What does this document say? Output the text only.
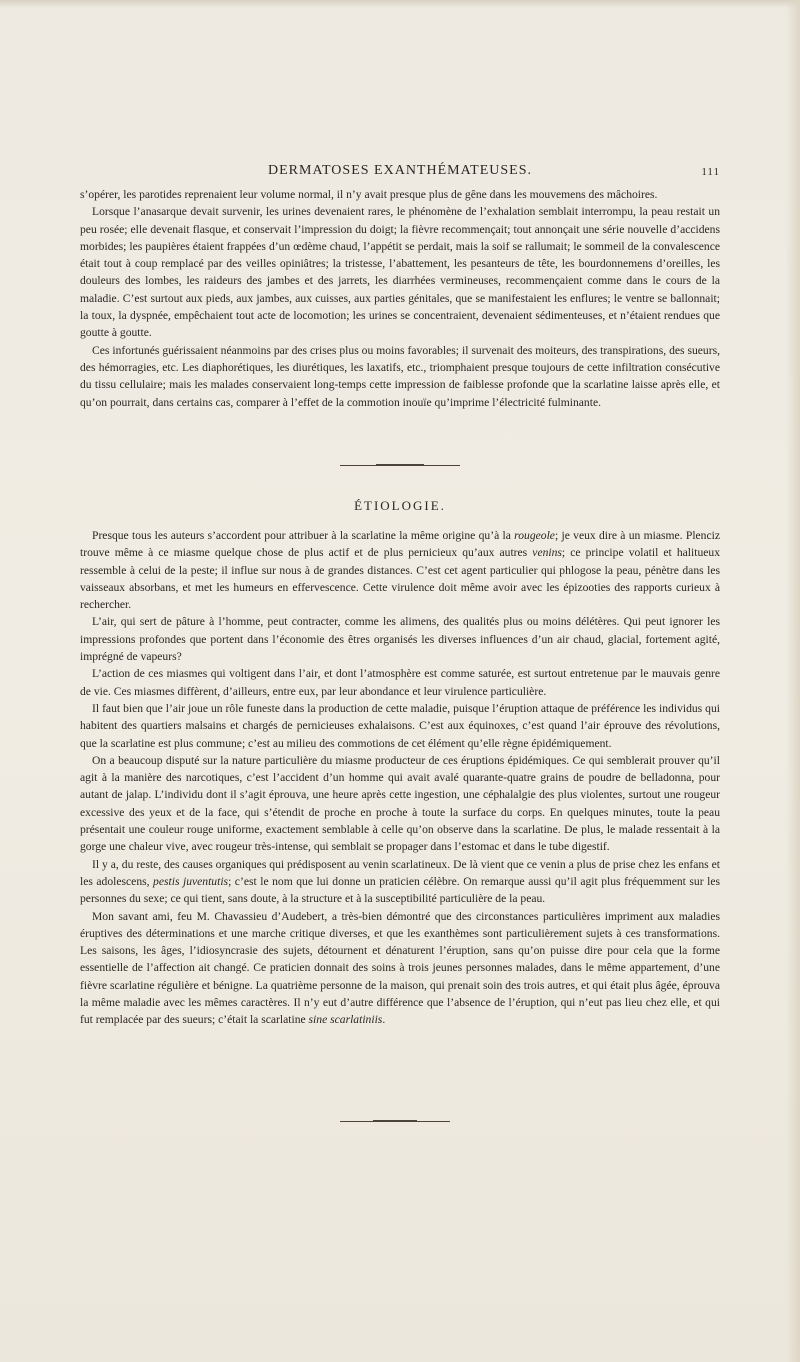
DERMATOSES EXANTHÉMATEUSES.	111

s’opérer, les parotides reprenaient leur volume normal, il n’y avait presque plus de gêne dans les mouvemens des mâchoires.

Lorsque l’anasarque devait survenir, les urines devenaient rares, le phénomène de l’exhalation semblait interrompu, la peau restait un peu rosée; elle devenait flasque, et conservait l’impression du doigt; la fièvre recommençait; tout annonçait une série nouvelle d’accidens morbides; les paupières étaient frappées d’un œdème chaud, l’appétit se perdait, mais la soif se rallumait; le sommeil de la convalescence était tout à coup remplacé par des veilles opiniâtres; la tristesse, l’abattement, les pesanteurs de tête, les bourdonnemens d’oreilles, les douleurs des lombes, les raideurs des jambes et des jarrets, les diarrhées vermineuses, recommençaient comme dans le cours de la maladie. C’est surtout aux pieds, aux jambes, aux cuisses, aux parties génitales, que se manifestaient les enflures; le ventre se ballonnait; la toux, la dyspnée, empêchaient tout acte de locomotion; les urines se concentraient, devenaient sédimenteuses, et n’étaient rendues que goutte à goutte.

Ces infortunés guérissaient néanmoins par des crises plus ou moins favorables; il survenait des moiteurs, des transpirations, des sueurs, des hémorragies, etc. Les diaphorétiques, les diurétiques, les laxatifs, etc., triomphaient presque toujours de cette infiltration consécutive du tissu cellulaire; mais les malades conservaient long-temps cette impression de faiblesse profonde que la scarlatine laisse après elle, et qu’on pourrait, dans certains cas, comparer à l’effet de la commotion inouïe qu’imprime l’électricité fulminante.

ÉTIOLOGIE.

Presque tous les auteurs s’accordent pour attribuer à la scarlatine la même origine qu’à la rougeole; je veux dire à un miasme. Plenciz trouve même à ce miasme quelque chose de plus actif et de plus pernicieux qu’aux autres venins; ce principe volatil et halitueux ressemble à celui de la peste; il influe sur nous à de grandes distances. C’est cet agent particulier qui phlogose la peau, pénètre dans les vaisseaux absorbans, et met les humeurs en effervescence. Cette virulence doit même avoir avec les épizooties des rapports curieux à rechercher.

L’air, qui sert de pâture à l’homme, peut contracter, comme les alimens, des qualités plus ou moins délétères. Qui peut ignorer les impressions profondes que portent dans l’économie des êtres organisés les diverses influences d’un air chaud, glacial, fortement agité, imprégné de vapeurs?

L’action de ces miasmes qui voltigent dans l’air, et dont l’atmosphère est comme saturée, est surtout entretenue par le mauvais genre de vie. Ces miasmes diffèrent, d’ailleurs, entre eux, par leur abondance et leur virulence particulière.

Il faut bien que l’air joue un rôle funeste dans la production de cette maladie, puisque l’éruption attaque de préférence les individus qui habitent des quartiers malsains et chargés de pernicieuses exhalaisons. C’est aux équinoxes, c’est quand l’air éprouve des révolutions, que la scarlatine est plus commune; c’est au milieu des commotions de cet élément qu’elle règne épidémiquement.

On a beaucoup disputé sur la nature particulière du miasme producteur de ces éruptions épidémiques. Ce qui semblerait prouver qu’il agit à la manière des narcotiques, c’est l’accident d’un homme qui avait avalé quarante-quatre grains de poudre de belladonna, pour autant de jalap. L’individu dont il s’agit éprouva, une heure après cette ingestion, une céphalalgie des plus violentes, surtout une rougeur excessive des yeux et de la face, qui s’étendit de proche en proche à toute la surface du corps. En quelques minutes, toute la peau présentait une couleur rouge uniforme, exactement semblable à celle qu’on observe dans la scarlatine. De plus, le malade ressentait à la gorge une chaleur vive, avec rougeur très-intense, qui semblait se propager dans l’estomac et dans le tube digestif.

Il y a, du reste, des causes organiques qui prédisposent au venin scarlatineux. De là vient que ce venin a plus de prise chez les enfans et les adolescens, pestis juventutis; c’est le nom que lui donne un praticien célèbre. On remarque aussi qu’il agit plus fréquemment sur les personnes du sexe; ce qui tient, sans doute, à la structure et à la susceptibilité particulière de la peau.

Mon savant ami, feu M. Chavassieu d’Audebert, a très-bien démontré que des circonstances particulières impriment aux maladies éruptives des déterminations et une marche critique diverses, et que les exanthèmes sont particulièrement sujets à ces transformations. Les saisons, les âges, l’idiosyncrasie des sujets, détournent et dénaturent l’éruption, sans qu’on puisse dire pour cela que la forme essentielle de l’affection ait changé. Ce praticien donnait des soins à trois jeunes personnes malades, dans le même appartement, d’une fièvre scarlatine régulière et bénigne. La quatrième personne de la maison, qui prenait soin des trois autres, et qui était plus âgée, éprouva la même maladie avec les mêmes caractères. Il n’y eut d’autre différence que l’absence de l’éruption, qui n’eut pas lieu chez elle, et qui fut remplacée par des sueurs; c’était la scarlatine sine scarlatiniis.
